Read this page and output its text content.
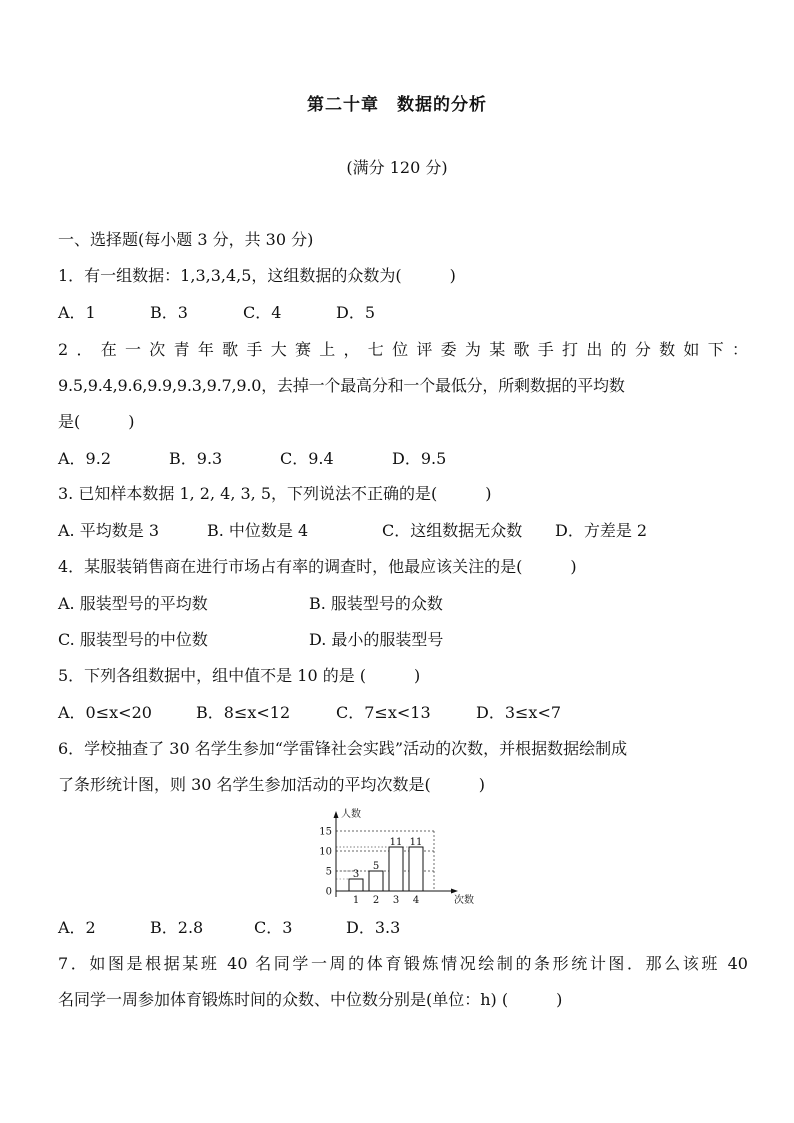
第二十章　数据的分析
(满分 120 分)
一、选择题(每小题 3 分，共 30 分)
1．有一组数据：1,3,3,4,5，这组数据的众数为(　　　)
A．1	B．3	C．4	D．5
2．在一次青年歌手大赛上，七位评委为某歌手打出的分数如下：
9.5,9.4,9.6,9.9,9.3,9.7,9.0，去掉一个最高分和一个最低分，所剩数据的平均数
是(　　　)
A．9.2	B．9.3	C．9.4	D．9.5
3. 已知样本数据 1, 2, 4, 3, 5，下列说法不正确的是(　　　)
A. 平均数是 3	B. 中位数是 4	C．这组数据无众数 D．方差是 2
4．某服装销售商在进行市场占有率的调查时，他最应该关注的是(　　　)
A. 服装型号的平均数	B. 服装型号的众数
C. 服装型号的中位数	D. 最小的服装型号
5．下列各组数据中，组中值不是 10 的是 (　　　)
A．0≤x<20	B．8≤x<12	C．7≤x<13	D．3≤x<7
6．学校抽查了 30 名学生参加“学雷锋社会实践”活动的次数，并根据数据绘制成
了条形统计图，则 30 名学生参加活动的平均次数是(　　　)
人数
次数
0
5
10
15
3
1
5
2
11
3
11
4
A．2	B．2.8	C．3	D．3.3
7．如图是根据某班 40 名同学一周的体育锻炼情况绘制的条形统计图．那么该班 40
名同学一周参加体育锻炼时间的众数、中位数分别是(单位：h) (　　　)
